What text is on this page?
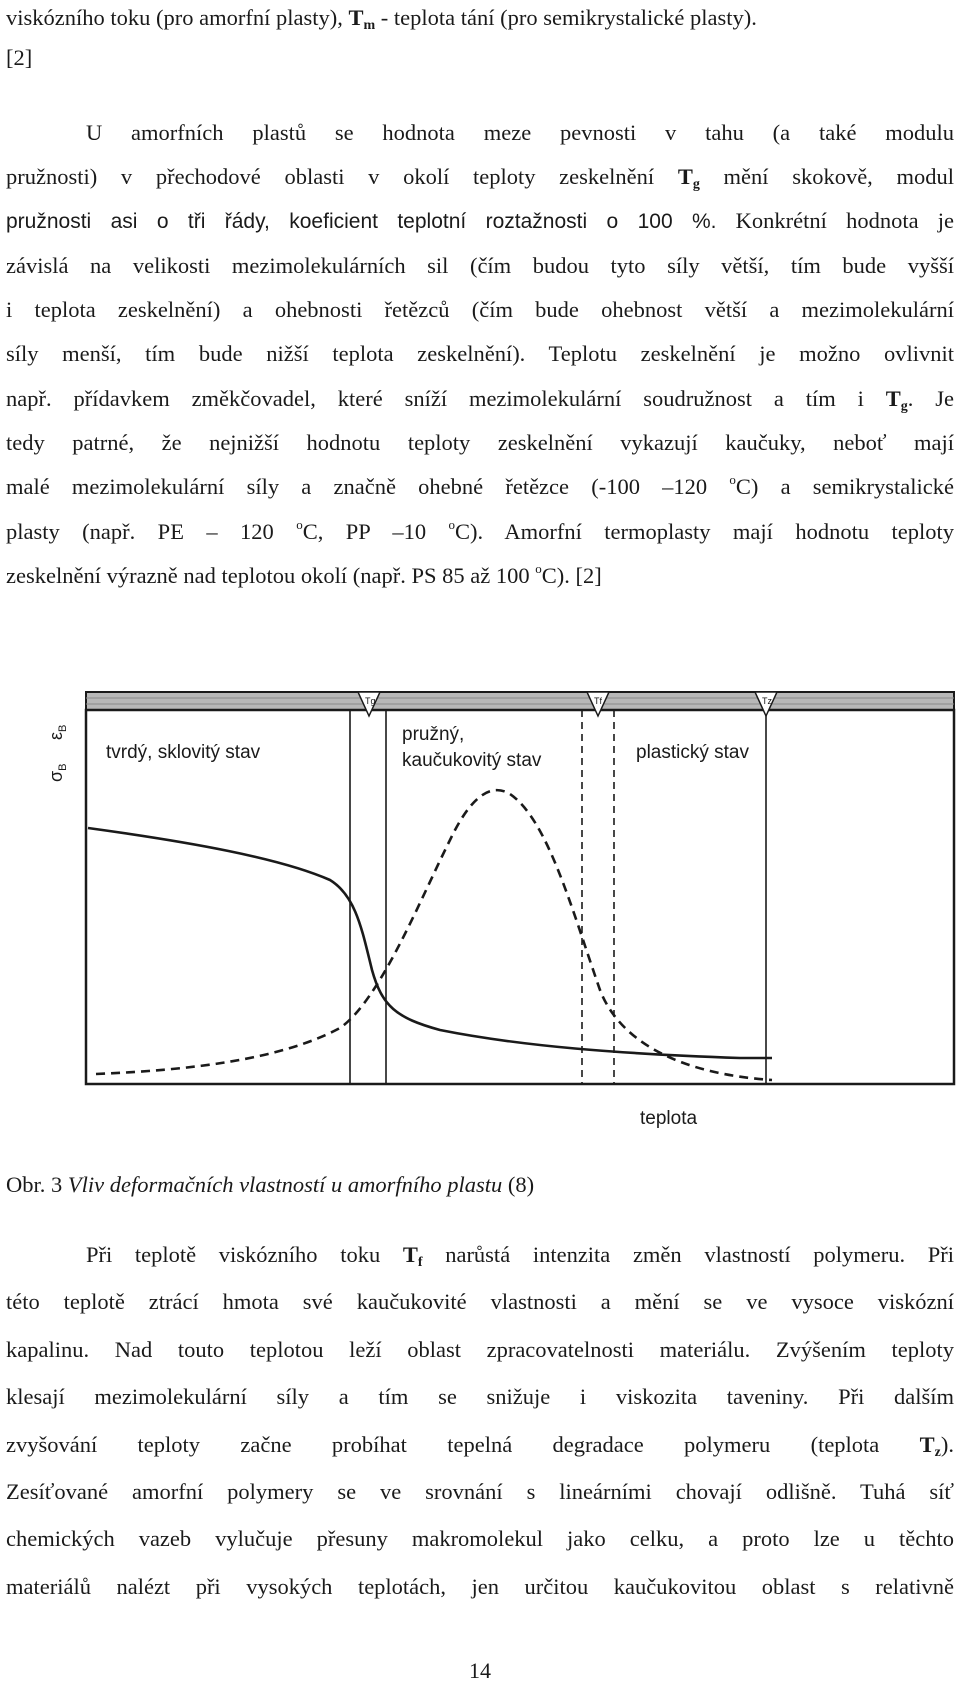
viskózního toku (pro amorfní plasty), $T_m$ - teplota tání (pro semikrystalické plasty).
[2]
U amorfních plastů se hodnota meze pevnosti v tahu (a také modulu
pružnosti) v přechodové oblasti v okolí teploty zeskelnění $T_g$ mění skokově, modul
pružnosti asi o tři řády, koeficient teplotní roztažnosti o 100 %. Konkrétní hodnota je
závislá na velikosti mezimolekulárních sil (čím budou tyto síly větší, tím bude vyšší
i teplota zeskelnění) a ohebnosti řetězců (čím bude ohebnost větší a mezimolekulární
síly menší, tím bude nižší teplota zeskelnění). Teplotu zeskelnění je možno ovlivnit
např. přídavkem změkčovadel, které sníží mezimolekulární soudružnost a tím i $T_g$. Je
tedy patrné, že nejnižší hodnotu teploty zeskelnění vykazují kaučuky, neboť mají
malé mezimolekulární síly a značně ohebné řetězce (-100 –120 $^o$C) a semikrystalické
plasty (např. PE – 120 $^o$C, PP –10 $^o$C). Amorfní termoplasty mají hodnotu teploty
zeskelnění výrazně nad teplotou okolí (např. PS 85 až 100 $^o$C). [2]
Tg	Tf	Tz
tvrdý, sklovitý stav
pružný,
kaučukovitý stav	plastický stav
$\sigma_B$
$\varepsilon_B$
teplota
Obr. 3 Vliv deformačních vlastností u amorfního plastu (8)
Při teplotě viskózního toku $T_f$ narůstá intenzita změn vlastností polymeru. Při
této teplotě ztrácí hmota své kaučukovité vlastnosti a mění se ve vysoce viskózní
kapalinu. Nad touto teplotou leží oblast zpracovatelnosti materiálu. Zvýšením teploty
klesají mezimolekulární síly a tím se snižuje i viskozita taveniny. Při dalším
zvyšování teploty začne probíhat tepelná degradace polymeru (teplota $T_z$).
Zesíťované amorfní polymery se ve srovnání s lineárními chovají odlišně. Tuhá síť
chemických vazeb vylučuje přesuny makromolekul jako celku, a proto lze u těchto
materiálů nalézt při vysokých teplotách, jen určitou kaučukovitou oblast s relativně
14
